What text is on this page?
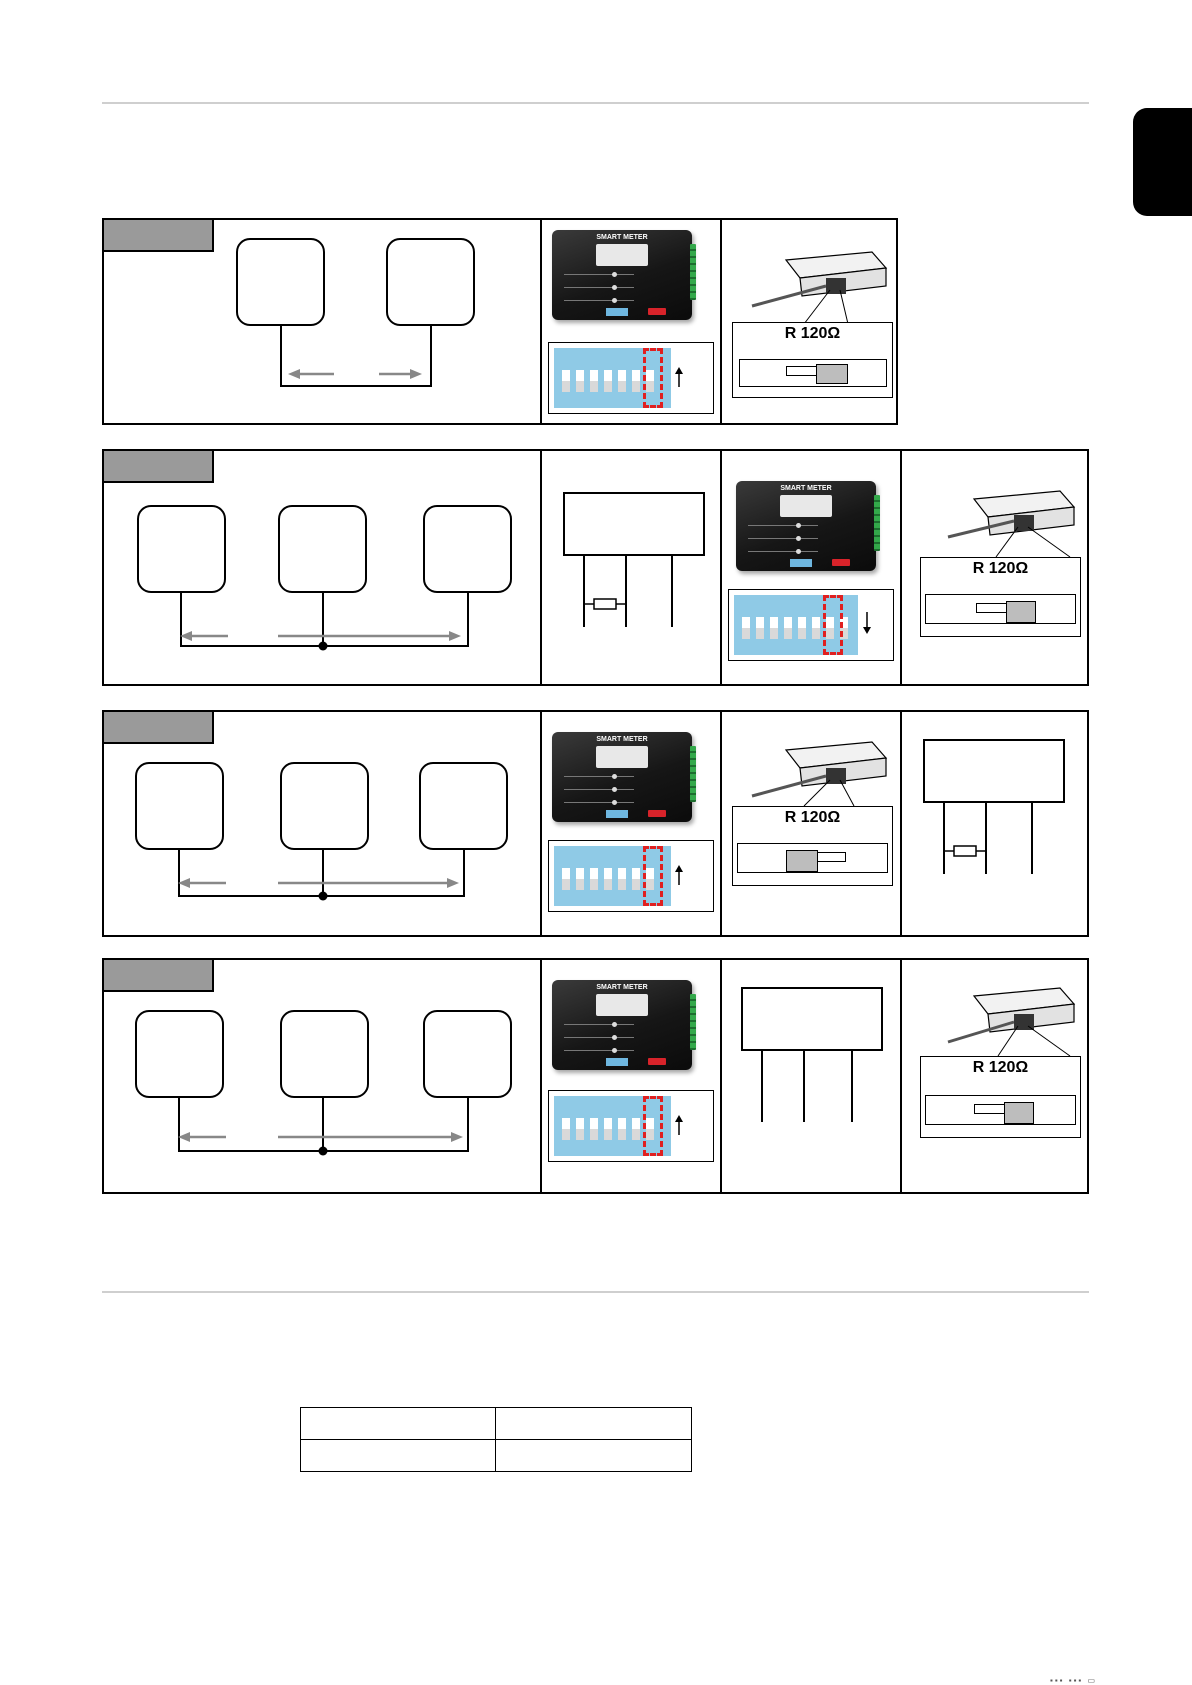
SMART METER
R 120Ω
SMART METER
R 120Ω
SMART METER
R 120Ω
SMART METER
R 120Ω

▪▪▪ ▪▪▪ ▭
